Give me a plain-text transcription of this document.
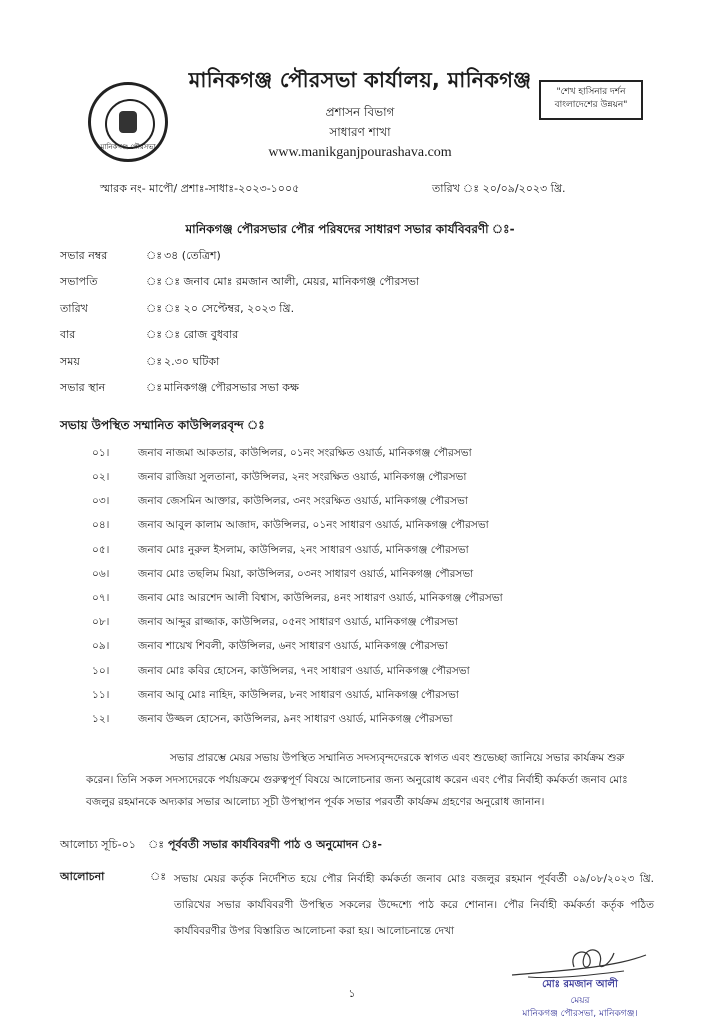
মানিকগঞ্জ পৌরসভা
মানিকগঞ্জ পৌরসভা কার্যালয়, মানিকগঞ্জ
প্রশাসন বিভাগ
সাধারণ শাখা
www.manikganjpourashava.com
"শেখ হাসিনার দর্শন
বাংলাদেশের উন্নয়ন"
স্মারক নং- মাপৌ/ প্রশাঃ-সাধাঃ-২০২৩-১০০৫	তারিখ ঃ ২০/০৯/২০২৩ খ্রি.
মানিকগঞ্জ পৌরসভার পৌর পরিষদের সাধারণ সভার কার্যবিবরণী ঃ-
সভার নম্বর	ঃ ৩৪ (তেত্রিশ)
সভাপতি	ঃ ঃ জনাব মোঃ রমজান আলী, মেয়র, মানিকগঞ্জ পৌরসভা
তারিখ	ঃ ঃ ২০ সেপ্টেম্বর, ২০২৩ খ্রি.
বার	ঃ ঃ রোজ বুধবার
সময়	ঃ ২.৩০ ঘটিকা
সভার স্থান	ঃ মানিকগঞ্জ পৌরসভার সভা কক্ষ
সভায় উপস্থিত সম্মানিত কাউন্সিলরবৃন্দ ঃ
০১।	জনাব নাজমা আকতার, কাউন্সিলর, ০১নং সংরক্ষিত ওয়ার্ড, মানিকগঞ্জ পৌরসভা
০২।	জনাব রাজিয়া সুলতানা, কাউন্সিলর, ২নং সংরক্ষিত ওয়ার্ড, মানিকগঞ্জ পৌরসভা
০৩।	জনাব জেসমিন আক্তার, কাউন্সিলর, ৩নং সংরক্ষিত ওয়ার্ড, মানিকগঞ্জ পৌরসভা
০৪।	জনাব আবুল কালাম আজাদ, কাউন্সিলর, ০১নং সাধারণ ওয়ার্ড, মানিকগঞ্জ পৌরসভা
০৫।	জনাব মোঃ নুরুল ইসলাম, কাউন্সিলর, ২নং সাধারণ ওয়ার্ড, মানিকগঞ্জ পৌরসভা
০৬।	জনাব মোঃ তছলিম মিয়া, কাউন্সিলর, ০৩নং সাধারণ ওয়ার্ড, মানিকগঞ্জ পৌরসভা
০৭।	জনাব মোঃ আরশেদ আলী বিশ্বাস, কাউন্সিলর, ৪নং সাধারণ ওয়ার্ড, মানিকগঞ্জ পৌরসভা
০৮।	জনাব আব্দুর রাজ্জাক, কাউন্সিলর, ০৫নং সাধারণ ওয়ার্ড, মানিকগঞ্জ পৌরসভা
০৯।	জনাব শায়েখ শিবলী, কাউন্সিলর, ৬নং সাধারণ ওয়ার্ড, মানিকগঞ্জ পৌরসভা
১০।	জনাব মোঃ কবির হোসেন, কাউন্সিলর, ৭নং সাধারণ ওয়ার্ড, মানিকগঞ্জ পৌরসভা
১১।	জনাব আবু মোঃ নাহিদ, কাউন্সিলর, ৮নং সাধারণ ওয়ার্ড, মানিকগঞ্জ পৌরসভা
১২।	জনাব উজ্জল হোসেন, কাউন্সিলর, ৯নং সাধারণ ওয়ার্ড, মানিকগঞ্জ পৌরসভা
সভার প্রারম্ভে মেয়র সভায় উপস্থিত সম্মানিত সদস্যবৃন্দদেরকে স্বাগত এবং শুভেচ্ছা জানিয়ে সভার কার্যক্রম শুরু করেন। তিনি সকল সদস্যদেরকে পর্যায়ক্রমে গুরুত্বপূর্ণ বিষয়ে আলোচনার জন্য অনুরোধ করেন এবং পৌর নির্বাহী কর্মকর্তা জনাব মোঃ বজলুর রহমানকে অদ্যকার সভার আলোচ্য সূচী উপস্থাপন পূর্বক সভার পরবর্তী কার্যক্রম গ্রহণের অনুরোধ জানান।
আলোচ্য সূচি-০১ ঃ পূর্ববর্তী সভার কার্যবিবরণী পাঠ ও অনুমোদন ঃ-
আলোচনা	ঃ সভায় মেয়র কর্তৃক নির্দেশিত হয়ে পৌর নির্বাহী কর্মকর্তা জনাব মোঃ বজলুর রহমান পূর্ববর্তী ০৯/০৮/২০২৩ খ্রি. তারিখের সভার কার্যবিবরণী উপস্থিত সকলের উদ্দেশ্যে পাঠ করে শোনান। পৌর নির্বাহী কর্মকর্তা কর্তৃক পঠিত কার্যবিবরণীর উপর বিস্তারিত আলোচনা করা হয়। আলোচনান্তে দেখা
মোঃ রমজান আলী
মেয়র
মানিকগঞ্জ পৌরসভা, মানিকগঞ্জ।
১
